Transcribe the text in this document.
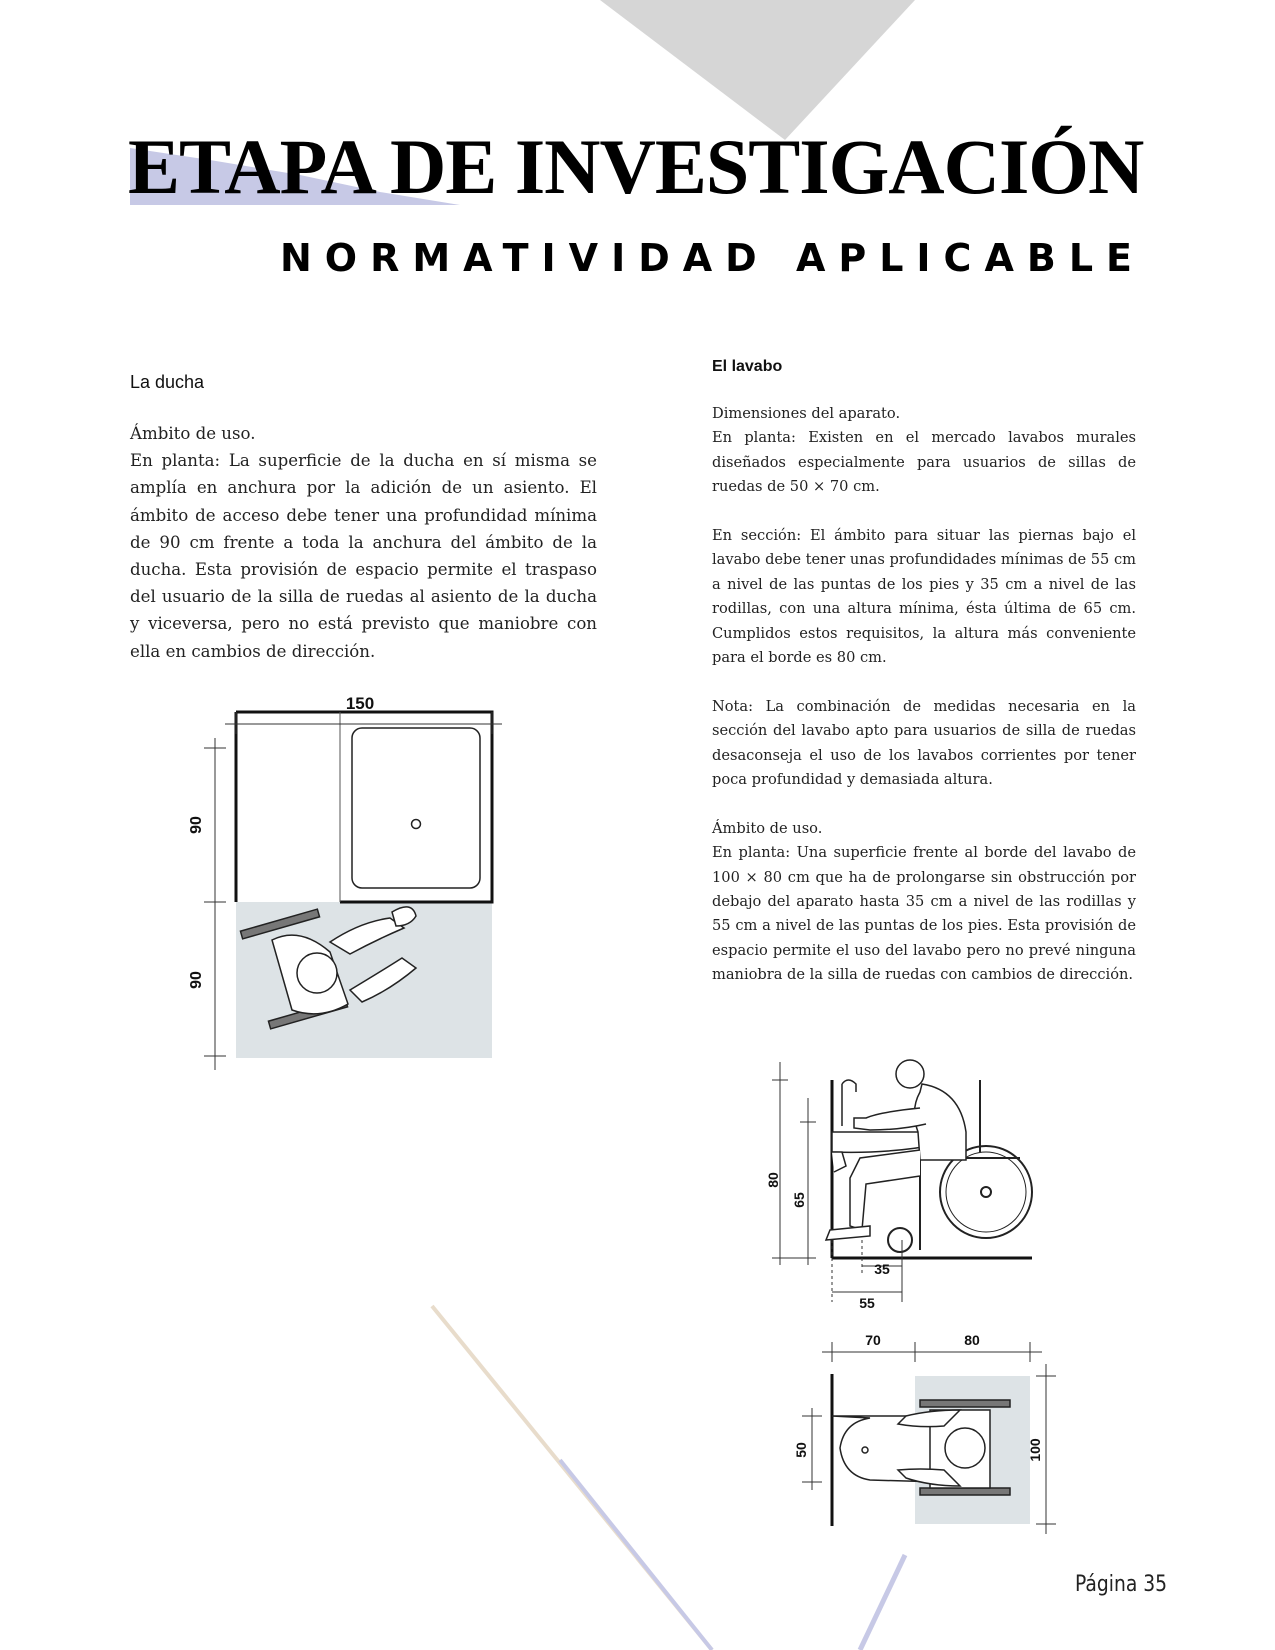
ETAPA DE INVESTIGACIÓN
NORMATIVIDAD APLICABLE
La ducha

Ámbito de uso.

En planta: La superficie de la ducha en sí misma se amplía en anchura por la adición de un asiento. El ámbito de acceso debe tener una profundidad mínima de 90 cm frente a toda la anchura del ámbito de la ducha. Esta provisión de espacio permite el traspaso del usuario de la silla de ruedas al asiento de la ducha y viceversa, pero no está previsto que maniobre con ella en cambios de dirección.

150
90
90
El lavabo

Dimensiones del aparato.

En planta: Existen en el mercado lavabos murales diseñados especialmente para usuarios de sillas de ruedas de 50 × 70 cm.

En sección: El ámbito para situar las piernas bajo el lavabo debe tener unas profundidades mínimas de 55 cm a nivel de las puntas de los pies y 35 cm a nivel de las rodillas, con una altura mínima, ésta última de 65 cm. Cumplidos estos requisitos, la altura más conveniente para el borde es 80 cm.

Nota: La combinación de medidas necesaria en la sección del lavabo apto para usuarios de silla de ruedas desaconseja el uso de los lavabos corrientes por tener poca profundidad y demasiada altura.

Ámbito de uso.

En planta: Una superficie frente al borde del lavabo de 100 × 80 cm que ha de prolongarse sin obstrucción por debajo del aparato hasta 35 cm a nivel de las rodillas y 55 cm a nivel de las puntas de los pies. Esta provisión de espacio permite el uso del lavabo pero no prevé ninguna maniobra de la silla de ruedas con cambios de dirección.

80
65
35
55
70	80
50	100
Página 35
